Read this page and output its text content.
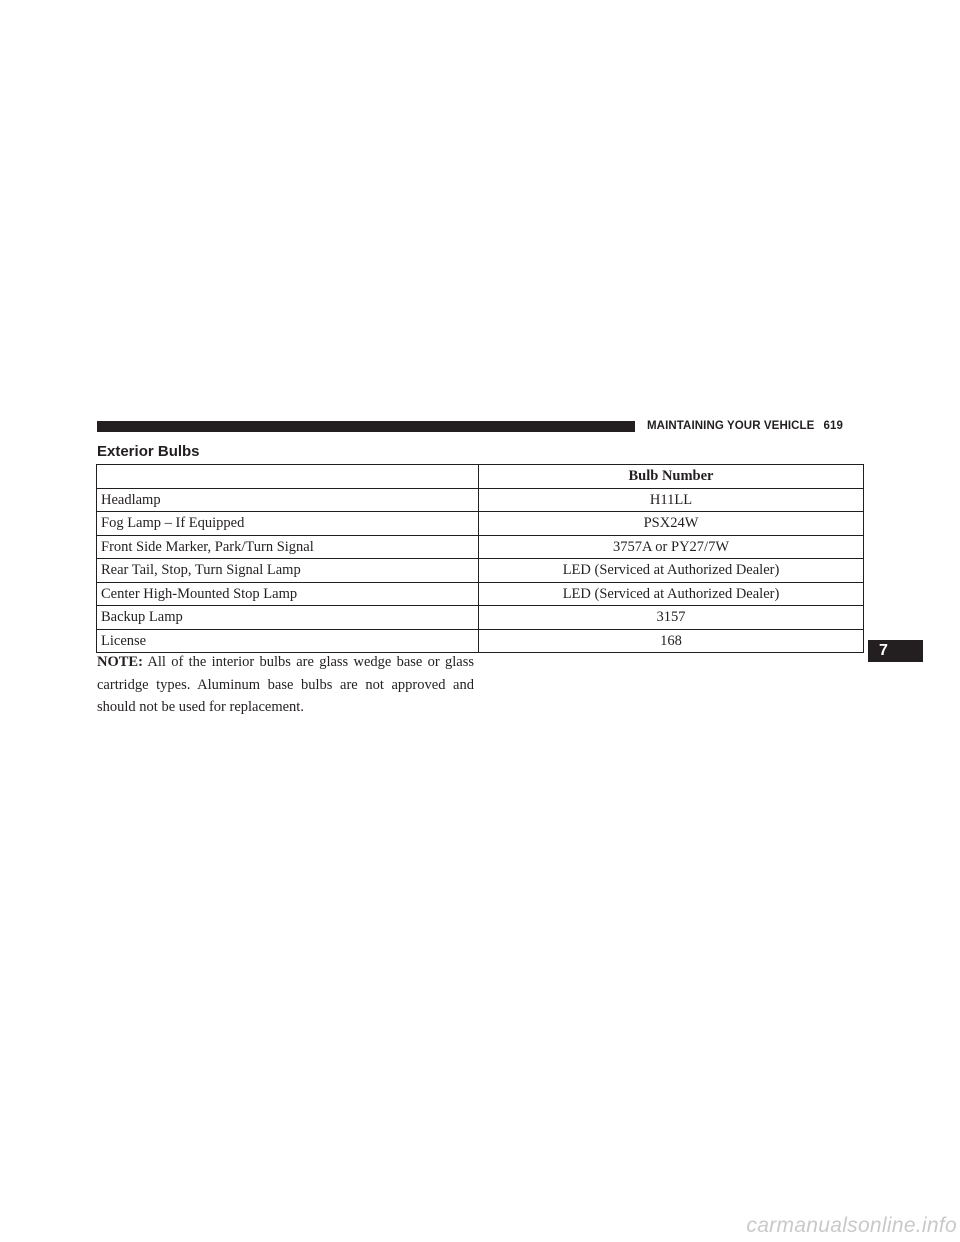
MAINTAINING YOUR VEHICLE 619
Exterior Bulbs
	Bulb Number
Headlamp	H11LL
Fog Lamp – If Equipped	PSX24W
Front Side Marker, Park/Turn Signal	3757A or PY27/7W
Rear Tail, Stop, Turn Signal Lamp	LED (Serviced at Authorized Dealer)
Center High-Mounted Stop Lamp	LED (Serviced at Authorized Dealer)
Backup Lamp	3157
License	168

NOTE: All of the interior bulbs are glass wedge base or glass cartridge types. Aluminum base bulbs are not approved and should not be used for replacement.

7
carmanualsonline.info
